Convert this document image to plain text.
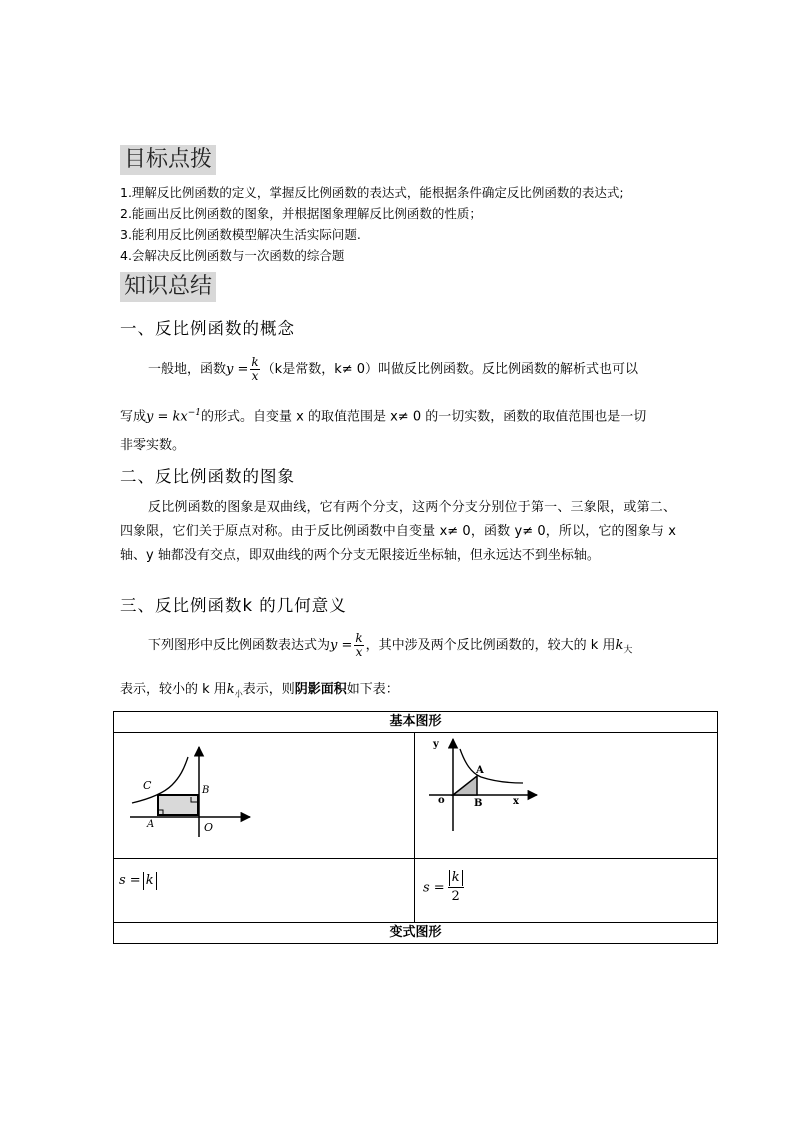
目标点拨
1.理解反比例函数的定义，掌握反比例函数的表达式，能根据条件确定反比例函数的表达式;
2.能画出反比例函数的图象，并根据图象理解反比例函数的性质；
3.能利用反比例函数模型解决生活实际问题.
4.会解决反比例函数与一次函数的综合题
知识总结
一、反比例函数的概念
一般地，函数$y = \frac{k}{x} (k$是常数，k≠ 0）叫做反比例函数。反比例函数的解析式也可以
写成$y = kx^{-1}$的形式。自变量 x 的取值范围是 x≠ 0 的一切实数，函数的取值范围也是一切
非零实数。
二、反比例函数的图象
反比例函数的图象是双曲线，它有两个分支，这两个分支分别位于第一、三象限，或第二、四象限，它们关于原点对称。由于反比例函数中自变量 x≠ 0，函数 y≠ 0，所以，它的图象与 x轴、y 轴都没有交点，即双曲线的两个分支无限接近坐标轴，但永远达不到坐标轴。
三、反比例函数k 的几何意义
下列图形中反比例函数表达式为$y = \frac{k}{x}$ ，其中涉及两个反比例函数的，较大的 k 用$k_大$
表示，较小的 k 用$k_小$表示，则阴影面积如下表：
基本图形	

C B
A O	y
x
o
A
B

s = k	$s = \frac{k}{2}$

变式图形	
